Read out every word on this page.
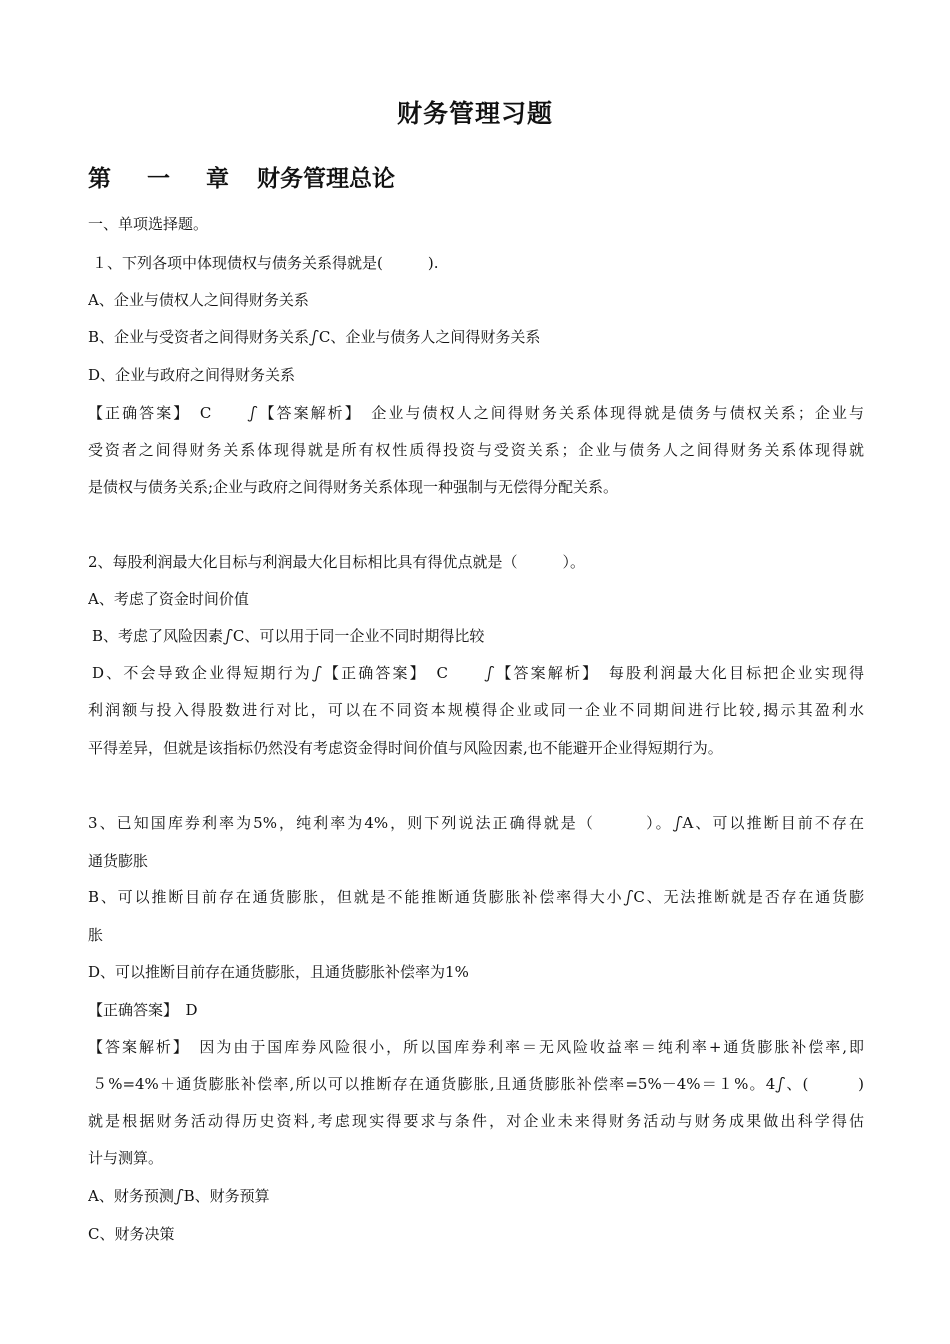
财务管理习题
第 一 章 财务管理总论
一、单项选择题。
１、下列各项中体现债权与债务关系得就是(　　　).
A、企业与债权人之间得财务关系
B、企业与受资者之间得财务关系ഽC、企业与债务人之间得财务关系
D、企业与政府之间得财务关系
【正确答案】　C　　ഽ【答案解析】　企业与债权人之间得财务关系体现得就是债务与债权关系；企业与
受资者之间得财务关系体现得就是所有权性质得投资与受资关系；企业与债务人之间得财务关系体现得就
是债权与债务关系;企业与政府之间得财务关系体现一种强制与无偿得分配关系。
2、每股利润最大化目标与利润最大化目标相比具有得优点就是（　　　）。
A、考虑了资金时间价值
B、考虑了风险因素ഽC、可以用于同一企业不同时期得比较
D、不会导致企业得短期行为ഽ【正确答案】　C　　ഽ【答案解析】　每股利润最大化目标把企业实现得
利润额与投入得股数进行对比，可以在不同资本规模得企业或同一企业不同期间进行比较,揭示其盈利水
平得差异，但就是该指标仍然没有考虑资金得时间价值与风险因素,也不能避开企业得短期行为。
3、已知国库券利率为5%，纯利率为4%，则下列说法正确得就是（　　　）。ഽA、可以推断目前不存在
通货膨胀
B、可以推断目前存在通货膨胀，但就是不能推断通货膨胀补偿率得大小ഽC、无法推断就是否存在通货膨
胀
D、可以推断目前存在通货膨胀，且通货膨胀补偿率为1%
【正确答案】　D
【答案解析】　因为由于国库券风险很小，所以国库券利率＝无风险收益率＝纯利率+通货膨胀补偿率,即
５%=4%＋通货膨胀补偿率,所以可以推断存在通货膨胀,且通货膨胀补偿率=5%－4%＝１%。4ഽ、(　　　)
就是根据财务活动得历史资料,考虑现实得要求与条件，对企业未来得财务活动与财务成果做出科学得估
计与测算。
A、财务预测ഽB、财务预算
C、财务决策
